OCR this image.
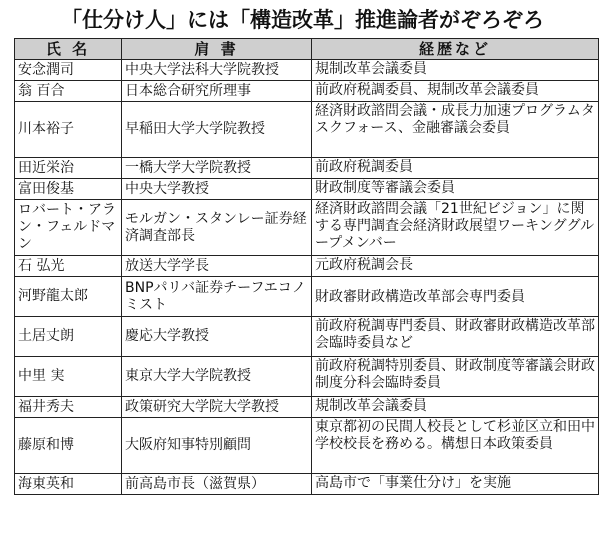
「仕分け人」には「構造改革」推進論者がぞろぞろ
氏 名	肩 書	経歴など
安念潤司	中央大学法科大学院教授	規制改革会議委員
翁 百合	日本総合研究所理事	前政府税調委員、規制改革会議委員
川本裕子	早稲田大学大学院教授	経済財政諮問会議・成長力加速プログラムタスクフォース、金融審議会委員
田近栄治	一橋大学大学院教授	前政府税調委員
富田俊基	中央大学教授	財政制度等審議会委員
ロバート・アラン・フェルドマン	モルガン・スタンレー証券経済調査部長	経済財政諮問会議「21世紀ビジョン」に関する専門調査会経済財政展望ワーキンググループメンバー
石 弘光	放送大学学長	元政府税調会長
河野龍太郎	BNPパリバ証券チーフエコノミスト	財政審財政構造改革部会専門委員
土居丈朗	慶応大学教授	前政府税調専門委員、財政審財政構造改革部会臨時委員など
中里 実	東京大学大学院教授	前政府税調特別委員、財政制度等審議会財政制度分科会臨時委員
福井秀夫	政策研究大学院大学教授	規制改革会議委員
藤原和博	大阪府知事特別顧問	東京都初の民間人校長として杉並区立和田中学校校長を務める。構想日本政策委員
海東英和	前高島市長（滋賀県）	高島市で「事業仕分け」を実施
